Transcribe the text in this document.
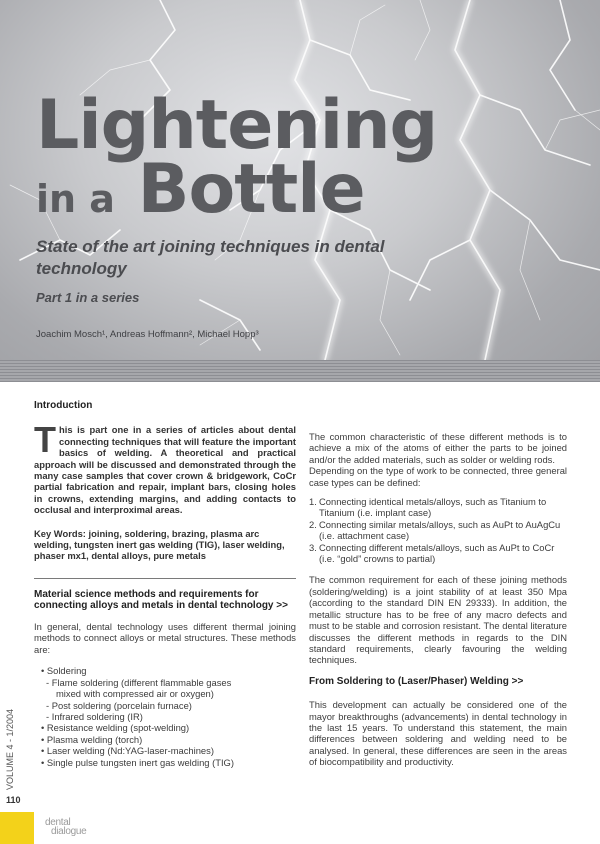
Lightening
in a Bottle
State of the art joining techniques in dental technology
Part 1 in a series
Joachim Mosch¹, Andreas Hoffmann², Michael Hopp³
VOLUME 4 - 1/2004
110
dental
dialogue
Introduction
This is part one in a series of articles about dental connecting techniques that will feature the important basics of welding. A theoretical and practical approach will be discussed and demonstrated through the many case samples that cover crown & bridgework, CoCr partial fabrication and repair, implant bars, closing holes in crowns, extending margins, and adding contacts to occlusal and interproximal areas.
Key Words: joining, soldering, brazing, plasma arc welding, tungsten inert gas welding (TIG), laser welding, phaser mx1, dental alloys, pure metals
Material science methods and requirements for connecting alloys and metals in dental technology >>
In general, dental technology uses different thermal joining methods to connect alloys or metal structures. These methods are:
• Soldering
- Flame soldering (different flammable gases
mixed with compressed air or oxygen)
- Post soldering (porcelain furnace)
- Infrared soldering (IR)
• Resistance welding (spot-welding)
• Plasma welding (torch)
• Laser welding (Nd:YAG-laser-machines)
• Single pulse tungsten inert gas welding (TIG)
The common characteristic of these different methods is to achieve a mix of the atoms of either the parts to be joined and/or the added materials, such as solder or welding rods.
Depending on the type of work to be connected, three general case types can be defined:
1. Connecting identical metals/alloys, such as Titanium to Titanium (i.e. implant case)
2. Connecting similar metals/alloys, such as AuPt to AuAgCu (i.e. attachment case)
3. Connecting different metals/alloys, such as AuPt to CoCr (i.e. “gold” crowns to partial)
The common requirement for each of these joining methods (soldering/welding) is a joint stability of at least 350 Mpa (according to the standard DIN EN 29333). In addition, the metallic structure has to be free of any macro defects and must to be stable and corrosion resistant. The dental literature discusses the different methods in regards to the DIN standard requirements, clearly favouring the welding techniques.
From Soldering to (Laser/Phaser) Welding >>
This development can actually be considered one of the mayor breakthroughs (advancements) in dental technology in the last 15 years. To understand this statement, the main differences between soldering and welding need to be analysed. In general, these differences are seen in the areas of biocompatibility and productivity.
